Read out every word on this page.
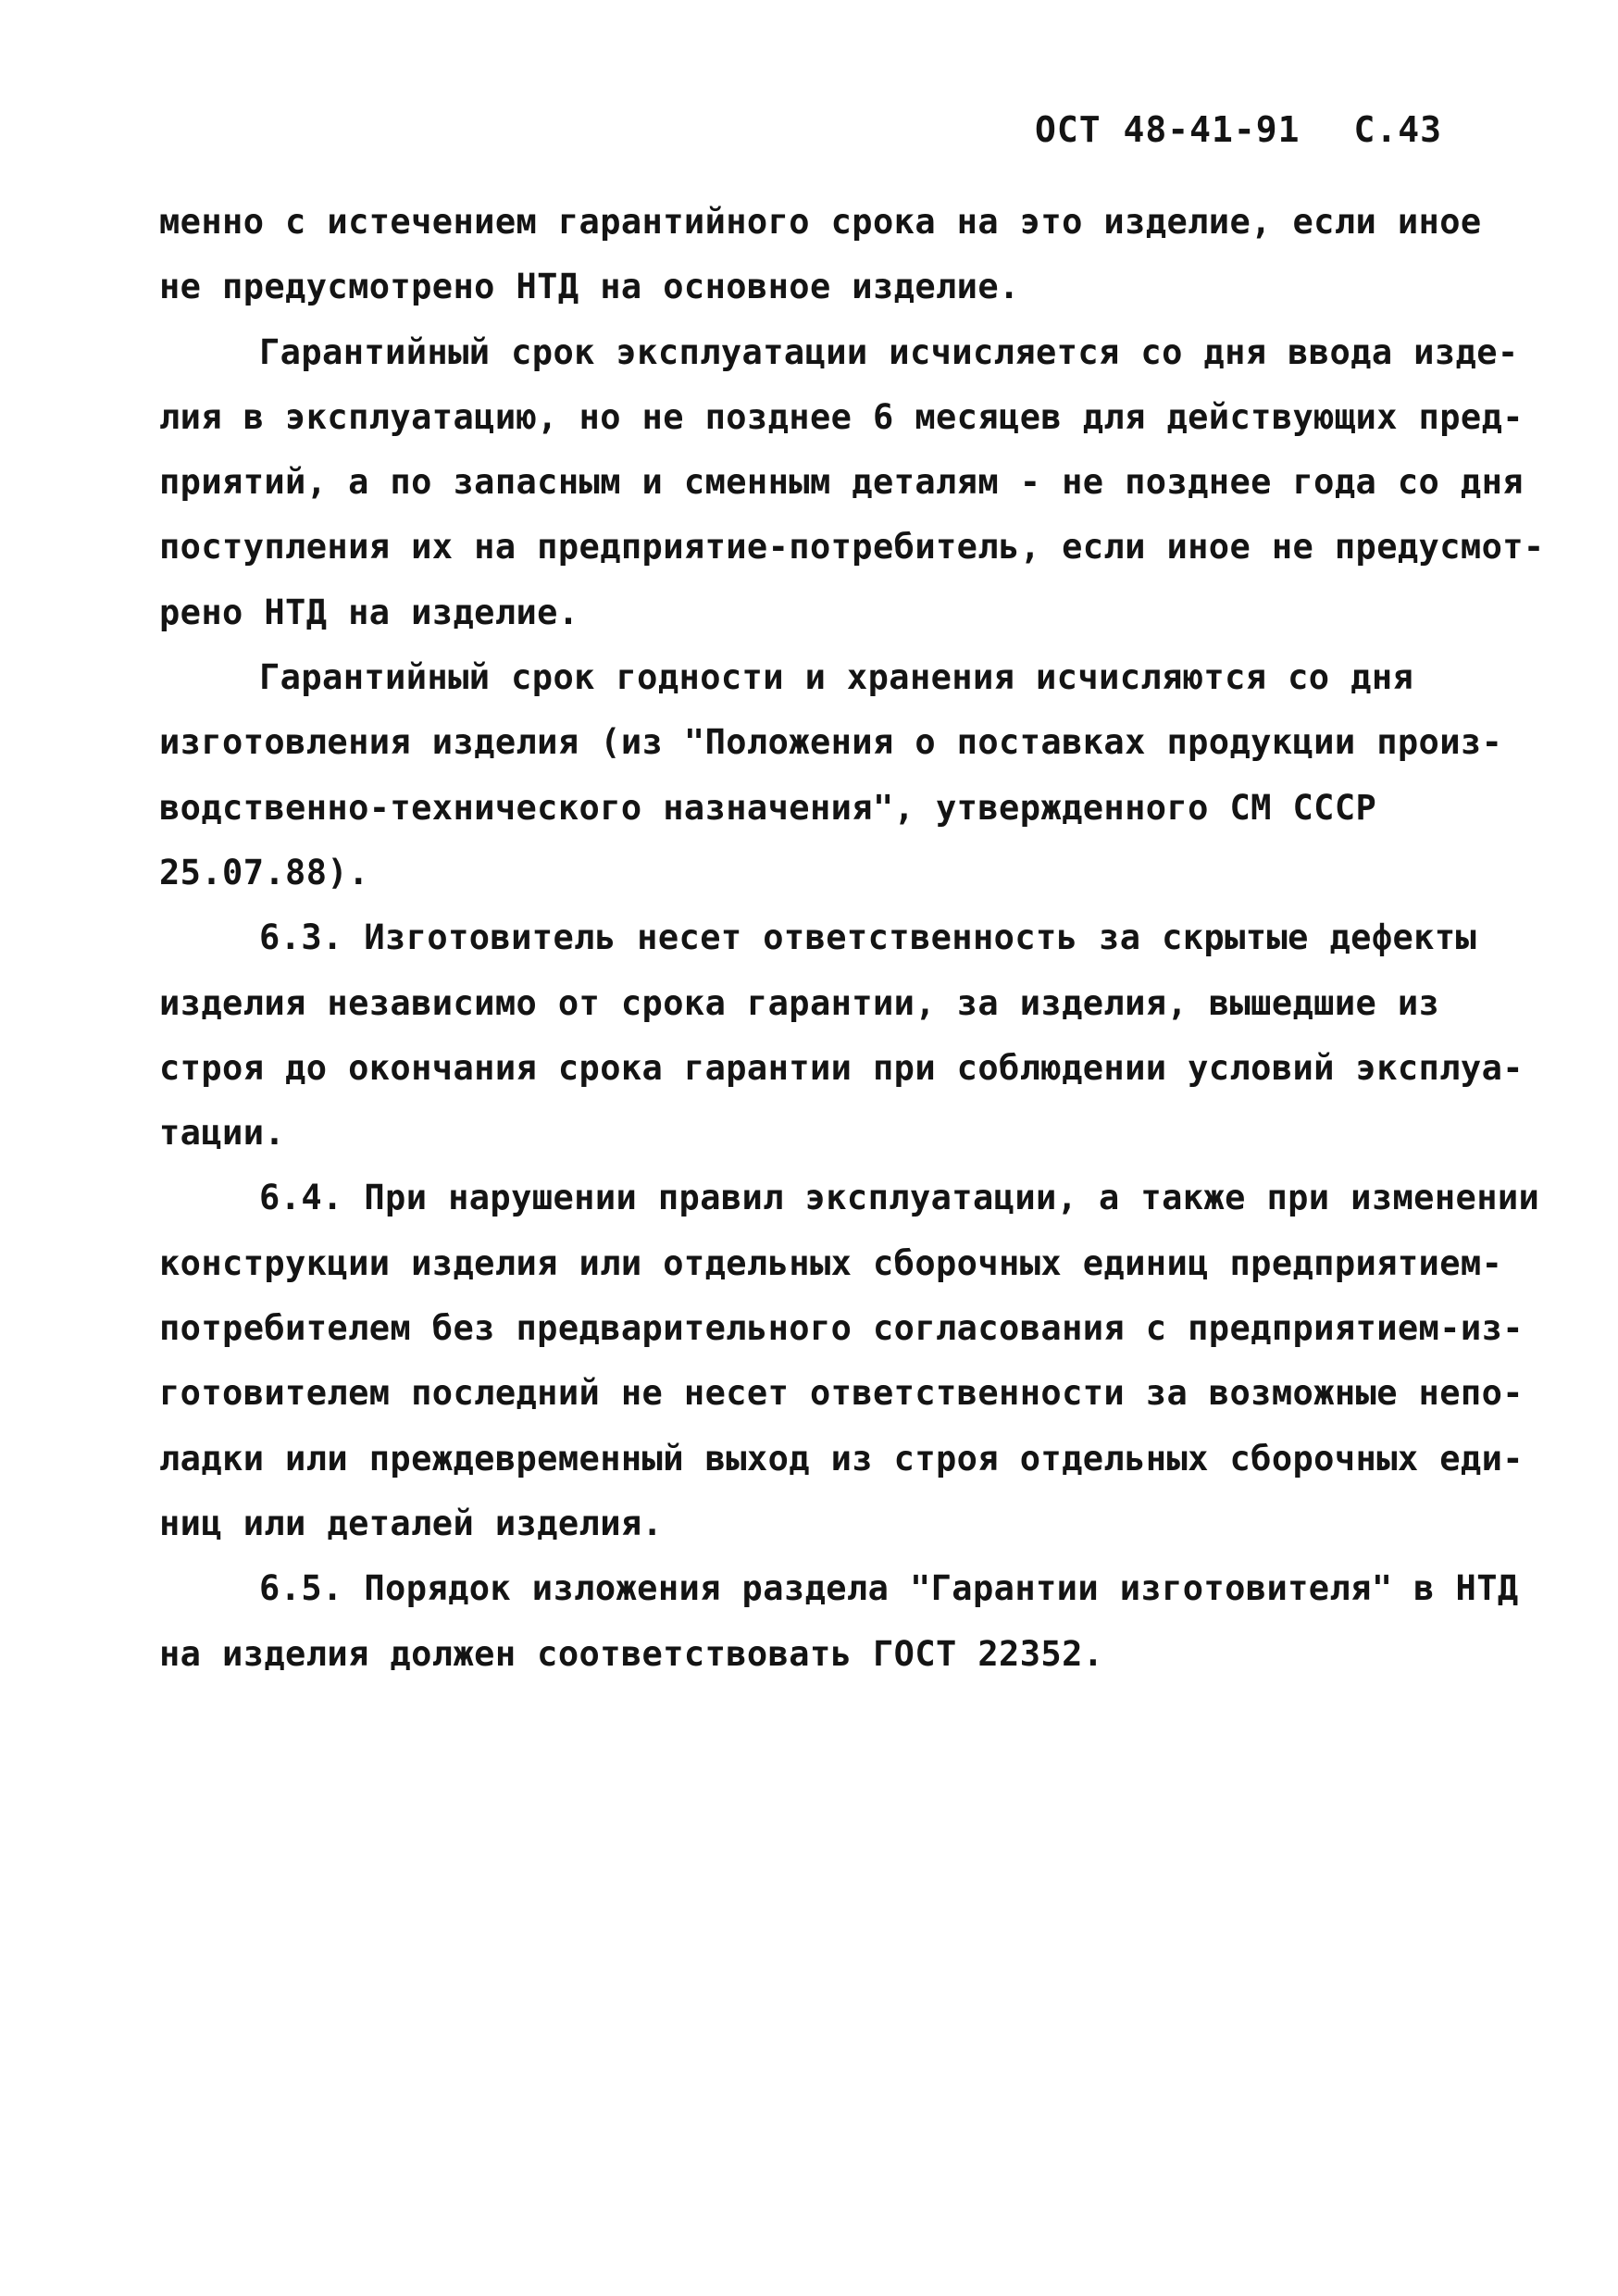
ОСТ 48-41-91 С.43
менно с истечением гарантийного срока на это изделие, если иное
не предусмотрено НТД на основное изделие.
Гарантийный срок эксплуатации исчисляется со дня ввода изде-
лия в эксплуатацию, но не позднее 6 месяцев для действующих пред-
приятий, а по запасным и сменным деталям - не позднее года со дня
поступления их на предприятие-потребитель, если иное не предусмот-
рено НТД на изделие.
Гарантийный срок годности и хранения исчисляются со дня
изготовления изделия (из "Положения о поставках продукции произ-
водственно-технического назначения", утвержденного СМ СССР
25.07.88).
6.3. Изготовитель несет ответственность за скрытые дефекты
изделия независимо от срока гарантии, за изделия, вышедшие из
строя до окончания срока гарантии при соблюдении условий эксплуа-
тации.
6.4. При нарушении правил эксплуатации, а также при изменении
конструкции изделия или отдельных сборочных единиц предприятием-
потребителем без предварительного согласования с предприятием-из-
готовителем последний не несет ответственности за возможные непо-
ладки или преждевременный выход из строя отдельных сборочных еди-
ниц или деталей изделия.
6.5. Порядок изложения раздела "Гарантии изготовителя" в НТД
на изделия должен соответствовать ГОСТ 22352.
